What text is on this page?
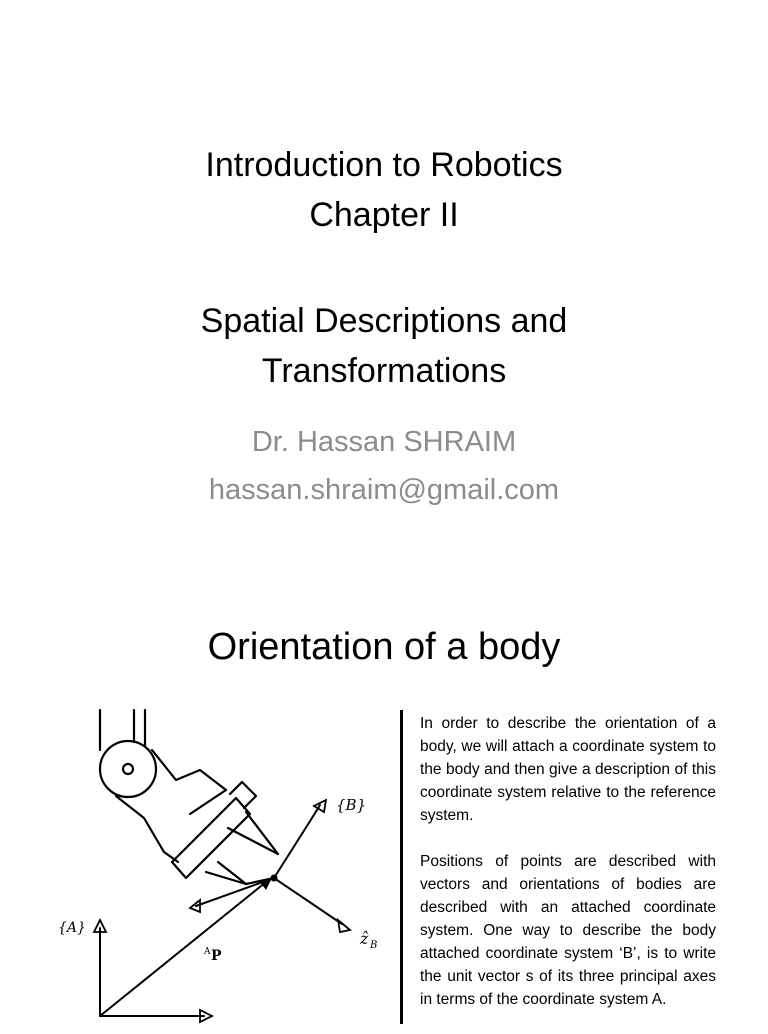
Introduction to Robotics
Chapter II
Spatial Descriptions and
Transformations
Dr. Hassan SHRAIM
hassan.shraim@gmail.com
Orientation of a body
{B}
{A}
ẑ B
A P

In order to describe the orientation of a body, we will attach a coordinate system to the body and then give a description of this coordinate system relative to the reference system.

Positions of points are described with vectors and orientations of bodies are described with an attached coordinate system. One way to describe the body attached coordinate system ‘B’, is to write the unit vector s of its three principal axes in terms of the coordinate system A.
